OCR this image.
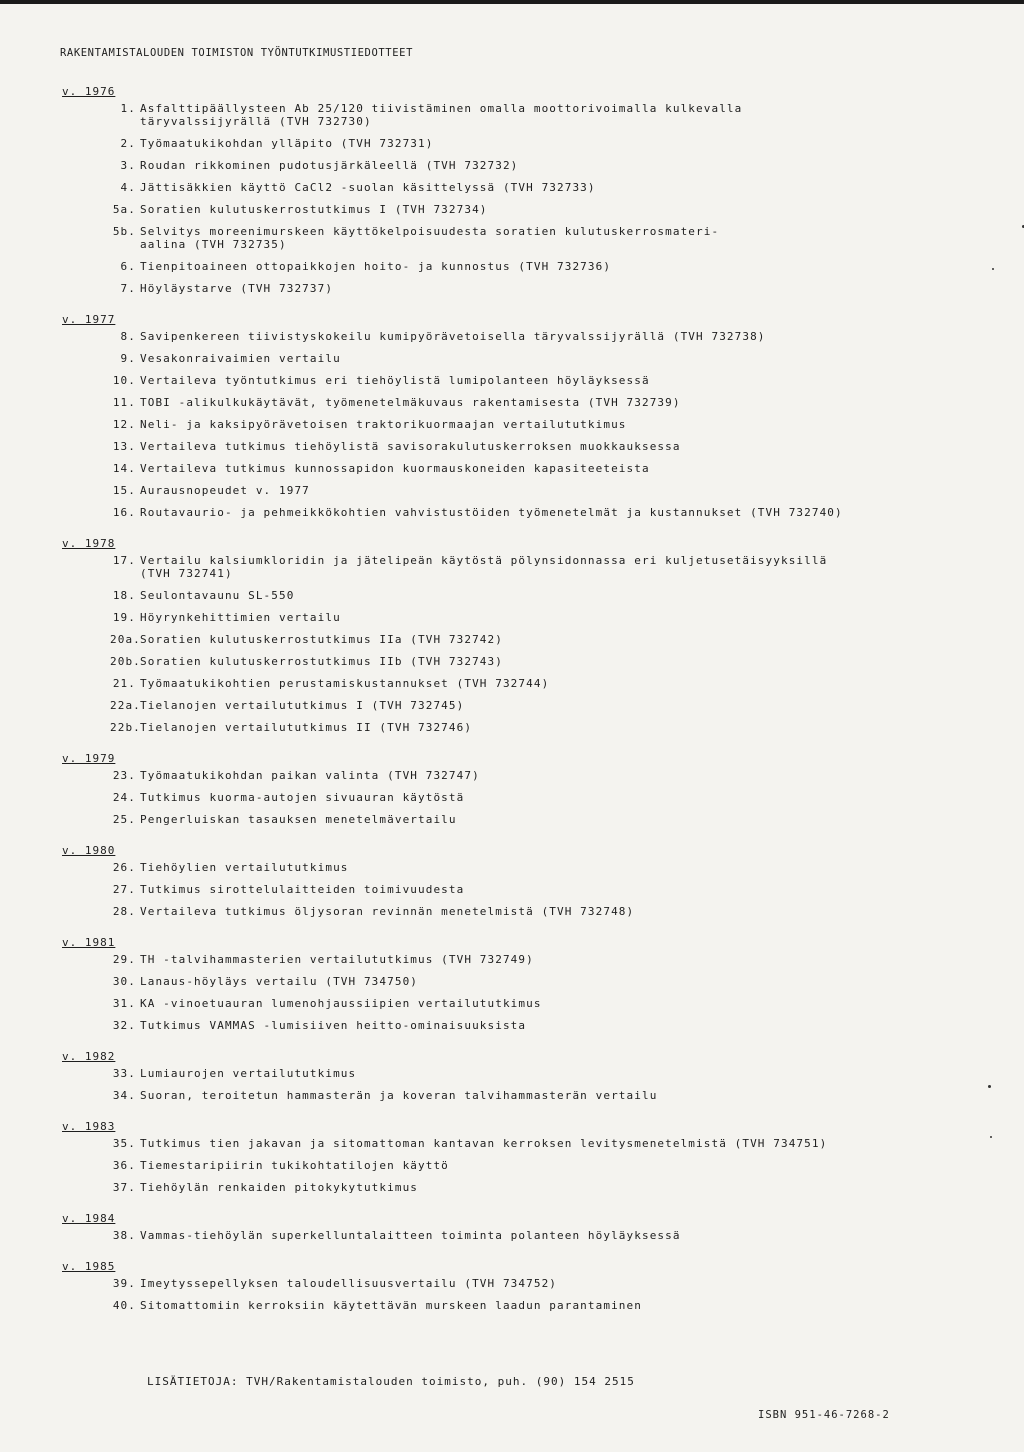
RAKENTAMISTALOUDEN TOIMISTON TYÖNTUTKIMUSTIEDOTTEET
v. 1976
1. Asfalttipäällysteen Ab 25/120 tiivistäminen omalla moottorivoimalla kulkevalla
täryvalssijyrällä (TVH 732730)
2. Työmaatukikohdan ylläpito (TVH 732731)
3. Roudan rikkominen pudotusjärkäleellä (TVH 732732)
4. Jättisäkkien käyttö CaCl2 -suolan käsittelyssä (TVH 732733)
5a. Soratien kulutuskerrostutkimus I (TVH 732734)
5b. Selvitys moreenimurskeen käyttökelpoisuudesta soratien kulutuskerrosmateri-
aalina (TVH 732735)
6. Tienpitoaineen ottopaikkojen hoito- ja kunnostus (TVH 732736)
7. Höyläystarve (TVH 732737)
v. 1977
8. Savipenkereen tiivistyskokeilu kumipyörävetoisella täryvalssijyrällä (TVH 732738)
9. Vesakonraivaimien vertailu
10. Vertaileva työntutkimus eri tiehöylistä lumipolanteen höyläyksessä
11. TOBI -alikulkukäytävät, työmenetelmäkuvaus rakentamisesta (TVH 732739)
12. Neli- ja kaksipyörävetoisen traktorikuormaajan vertailututkimus
13. Vertaileva tutkimus tiehöylistä savisorakulutuskerroksen muokkauksessa
14. Vertaileva tutkimus kunnossapidon kuormauskoneiden kapasiteeteista
15. Aurausnopeudet v. 1977
16. Routavaurio- ja pehmeikkökohtien vahvistustöiden työmenetelmät ja kustannukset (TVH 732740)
v. 1978
17. Vertailu kalsiumkloridin ja jätelipeän käytöstä pölynsidonnassa eri kuljetusetäisyyksillä
(TVH 732741)
18. Seulontavaunu SL-550
19. Höyrynkehittimien vertailu
20a. Soratien kulutuskerrostutkimus IIa (TVH 732742)
20b. Soratien kulutuskerrostutkimus IIb (TVH 732743)
21. Työmaatukikohtien perustamiskustannukset (TVH 732744)
22a. Tielanojen vertailututkimus I (TVH 732745)
22b. Tielanojen vertailututkimus II (TVH 732746)
v. 1979
23. Työmaatukikohdan paikan valinta (TVH 732747)
24. Tutkimus kuorma-autojen sivuauran käytöstä
25. Pengerluiskan tasauksen menetelmävertailu
v. 1980
26. Tiehöylien vertailututkimus
27. Tutkimus sirottelulaitteiden toimivuudesta
28. Vertaileva tutkimus öljysoran revinnän menetelmistä (TVH 732748)
v. 1981
29. TH -talvihammasterien vertailututkimus (TVH 732749)
30. Lanaus-höyläys vertailu (TVH 734750)
31. KA -vinoetuauran lumenohjaussiipien vertailututkimus
32. Tutkimus VAMMAS -lumisiiven heitto-ominaisuuksista
v. 1982
33. Lumiaurojen vertailututkimus
34. Suoran, teroitetun hammasterän ja koveran talvihammasterän vertailu
v. 1983
35. Tutkimus tien jakavan ja sitomattoman kantavan kerroksen levitysmenetelmistä (TVH 734751)
36. Tiemestaripiirin tukikohtatilojen käyttö
37. Tiehöylän renkaiden pitokykytutkimus
v. 1984
38. Vammas-tiehöylän superkelluntalaitteen toiminta polanteen höyläyksessä
v. 1985
39. Imeytyssepellyksen taloudellisuusvertailu (TVH 734752)
40. Sitomattomiin kerroksiin käytettävän murskeen laadun parantaminen
LISÄTIETOJA: TVH/Rakentamistalouden toimisto, puh. (90) 154 2515
ISBN 951-46-7268-2
